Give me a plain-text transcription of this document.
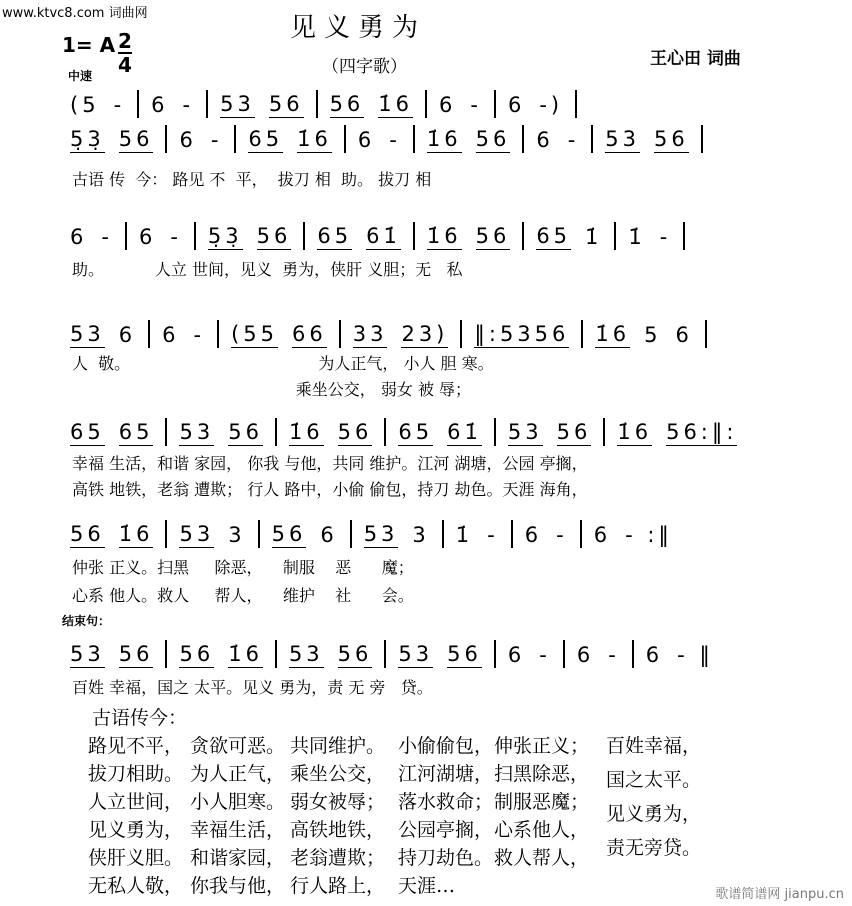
www.ktvc8.com 词曲网	见义勇为
（四字歌）	王心田 词曲
1= A 2
4
中速
(5 - 6 - 53 56 56 1̇6 6 - 6 -)
5̣3̣ 56 6 - 65 1̇6 6 - 1̇6 56 6 - 53 56
古语 传  今： 路见 不  平，  拔刀 相  助。 拔刀 相
6 - 6 - 5̣3̣ 56 65 61̇ 1̇6 56 65 1̇ 1̇ -
助。          人立 世间，见义  勇为，侠肝 义胆；无   私
53 6 6 - (55 66 33 23) ‖:5356 1̇6 5 6
人  敬。                                     为人正气， 小人 胆 寒。
乘坐公交， 弱女 被 辱；
65 65 53 56 1̇6 56 65 61̇ 53 56 1̇6 56:‖:
幸福 生活，和谐 家园， 你我 与他，共同 维护。江河 湖塘，公园 亭搁，
高铁 地铁，老翁 遭欺； 行人 路中，小偷 偷包，持刀 劫色。天涯 海角，
56 1̇6 53 3 56 6 53 3 1̇ - 6 - 6 - :‖
仲张 正义。扫黑     除恶，    制服    恶      魔；
心系 他人。救人     帮人，    维护    社      会。
结束句：
53 56 56 1̇6 53 56 53 56 6 - 6 - 6 - ‖
百姓 幸福，国之 太平。见义 勇为，责 无 旁   贷。
古语传今：
路见不平， 贪欲可恶。 共同维护。 小偷偷包， 伸张正义；
拔刀相助。 为人正气， 乘坐公交， 江河湖塘， 扫黑除恶，
人立世间， 小人胆寒。 弱女被辱； 落水救命； 制服恶魔；
见义勇为， 幸福生活， 高铁地铁， 公园亭搁， 心系他人，
侠肝义胆。 和谐家园， 老翁遭欺； 持刀劫色。 救人帮人，
无私人敬， 你我与他， 行人路上， 天涯…
百姓幸福，
国之太平。
见义勇为，
责无旁贷。
歌谱简谱网 jianpu.cn
